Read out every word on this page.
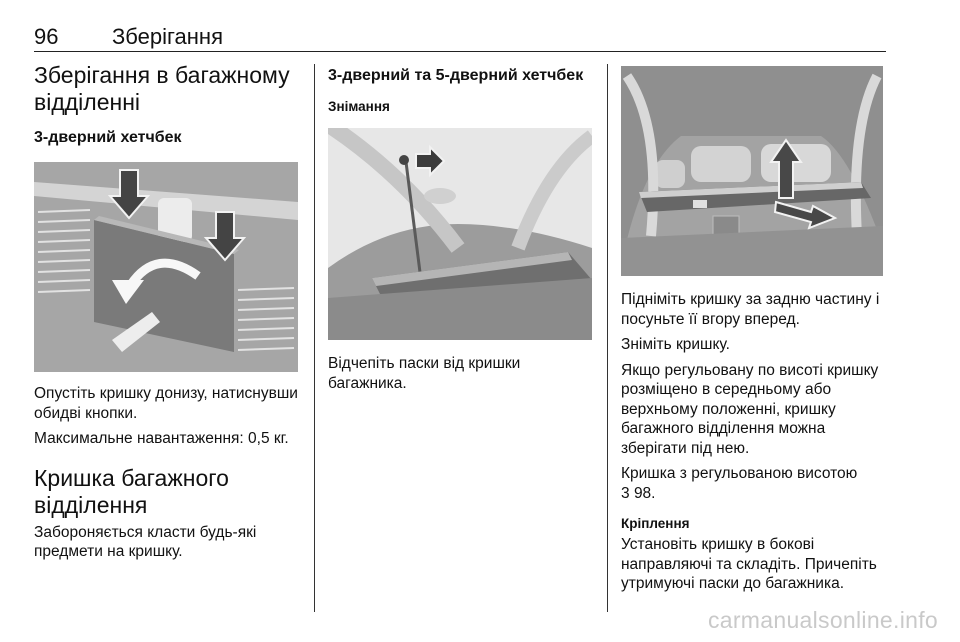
96 Зберігання
Зберігання в багажному відділенні
3-дверний хетчбек

Опустіть кришку донизу, натиснувши обидві кнопки.

Максимальне навантаження: 0,5 кг.

Кришка багажного відділення

Забороняється класти будь-які предмети на кришку.

3-дверний та 5-дверний хетчбек
Знімання

Відчепіть паски від кришки багажника.

Підніміть кришку за задню частину і посуньте її вгору вперед.

Зніміть кришку.

Якщо регульовану по висоті кришку розміщено в середньому або верхньому положенні, кришку багажного відділення можна зберігати під нею.

Кришка з регульованою висотою
3 98.

Кріплення

Установіть кришку в бокові направляючі та складіть. Причепіть утримуючі паски до багажника.

carmanualsonline.info
